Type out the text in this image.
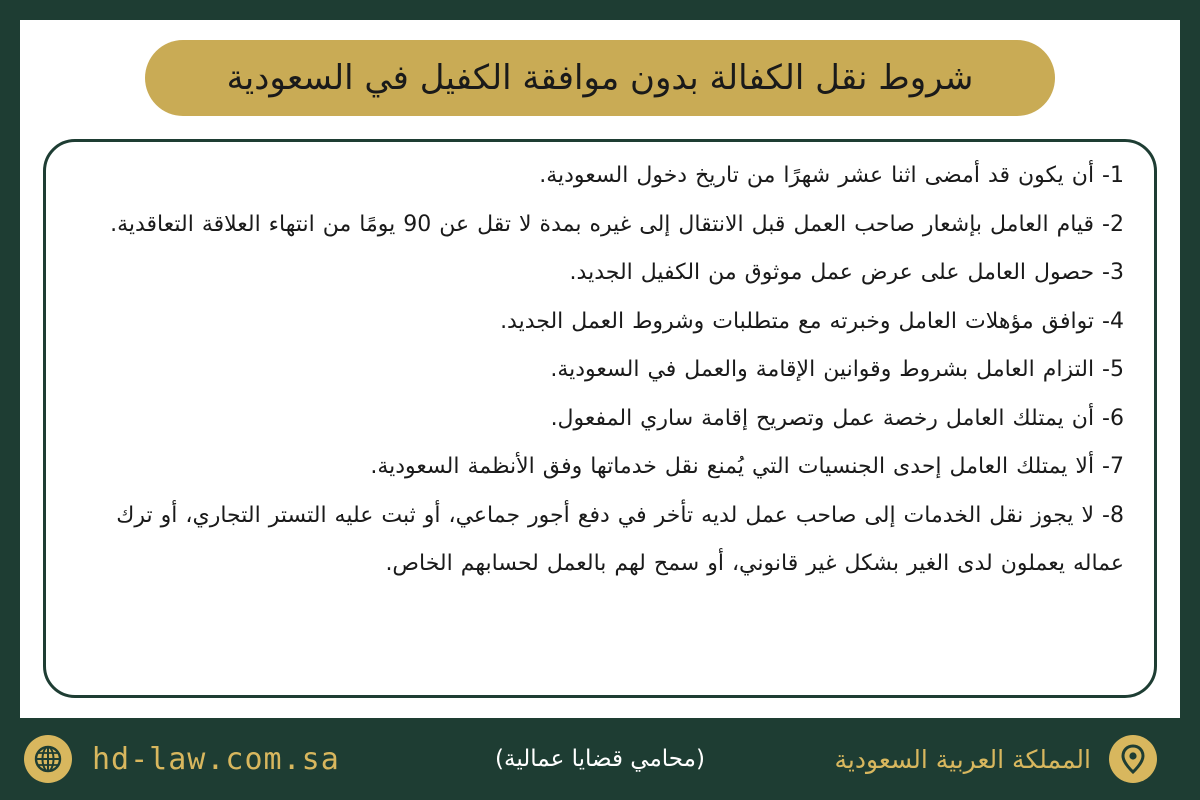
شروط نقل الكفالة بدون موافقة الكفيل في السعودية
1- أن يكون قد أمضى اثنا عشر شهرًا من تاريخ دخول السعودية.
2- قيام العامل بإشعار صاحب العمل قبل الانتقال إلى غيره بمدة لا تقل عن 90 يومًا من انتهاء العلاقة التعاقدية.
3- حصول العامل على عرض عمل موثوق من الكفيل الجديد.
4- توافق مؤهلات العامل وخبرته مع متطلبات وشروط العمل الجديد.
5- التزام العامل بشروط وقوانين الإقامة والعمل في السعودية.
6- أن يمتلك العامل رخصة عمل وتصريح إقامة ساري المفعول.
7- ألا يمتلك العامل إحدى الجنسيات التي يُمنع نقل خدماتها وفق الأنظمة السعودية.
8- لا يجوز نقل الخدمات إلى صاحب عمل لديه تأخر في دفع أجور جماعي، أو ثبت عليه التستر التجاري، أو ترك عماله يعملون لدى الغير بشكل غير قانوني، أو سمح لهم بالعمل لحسابهم الخاص.
المملكة العربية السعودية
(محامي قضايا عمالية)
hd-law.com.sa
